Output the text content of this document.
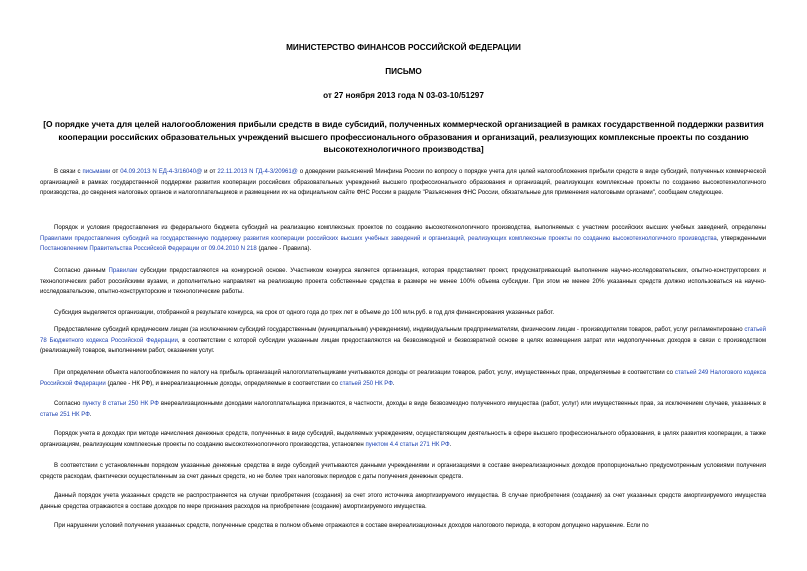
МИНИСТЕРСТВО ФИНАНСОВ РОССИЙСКОЙ ФЕДЕРАЦИИ
ПИСЬМО
от 27 ноября 2013 года N 03-03-10/51297
[О порядке учета для целей налогообложения прибыли средств в виде субсидий, полученных коммерческой организацией в рамках государственной поддержки развития кооперации российских образовательных учреждений высшего профессионального образования и организаций, реализующих комплексные проекты по созданию высокотехнологичного производства]

В связи с письмами от 04.09.2013 N ЕД-4-3/16040@ и от 22.11.2013 N ГД-4-3/20961@ о доведении разъяснений Минфина России по вопросу о порядке учета для целей налогообложения прибыли средств в виде субсидий, полученных коммерческой организацией в рамках государственной поддержки развития кооперации российских образовательных учреждений высшего профессионального образования и организаций, реализующих комплексные проекты по созданию высокотехнологичного производства, до сведения налоговых органов и налогоплательщиков и размещении их на официальном сайте ФНС России в разделе "Разъяснения ФНС России, обязательные для применения налоговыми органами", сообщаем следующее.

Порядок и условия предоставления из федерального бюджета субсидий на реализацию комплексных проектов по созданию высокотехнологичного производства, выполняемых с участием российских высших учебных заведений, определены Правилами предоставления субсидий на государственную поддержку развития кооперации российских высших учебных заведений и организаций, реализующих комплексные проекты по созданию высокотехнологичного производства, утвержденными Постановлением Правительства Российской Федерации от 09.04.2010 N 218 (далее - Правила).

Согласно данным Правилам субсидии предоставляются на конкурсной основе. Участником конкурса является организация, которая представляет проект, предусматривающий выполнение научно-исследовательских, опытно-конструкторских и технологических работ российскими вузами, и дополнительно направляет на реализацию проекта собственные средства в размере не менее 100% объема субсидии. При этом не менее 20% указанных средств должно использоваться на научно-исследовательские, опытно-конструкторские и технологические работы.

Субсидия выделяется организации, отобранной в результате конкурса, на срок от одного года до трех лет в объеме до 100 млн.руб. в год для финансирования указанных работ.

Предоставление субсидий юридическим лицам (за исключением субсидий государственным (муниципальным) учреждениям), индивидуальным предпринимателям, физическим лицам - производителям товаров, работ, услуг регламентировано статьей 78 Бюджетного кодекса Российской Федерации, в соответствии с которой субсидии указанным лицам предоставляются на безвозмездной и безвозвратной основе в целях возмещения затрат или недополученных доходов в связи с производством (реализацией) товаров, выполнением работ, оказанием услуг.

При определении объекта налогообложения по налогу на прибыль организаций налогоплательщиками учитываются доходы от реализации товаров, работ, услуг, имущественных прав, определяемые в соответствии со статьей 249 Налогового кодекса Российской Федерации (далее - НК РФ), и внереализационные доходы, определяемые в соответствии со статьей 250 НК РФ.

Согласно пункту 8 статьи 250 НК РФ внереализационными доходами налогоплательщика признаются, в частности, доходы в виде безвозмездно полученного имущества (работ, услуг) или имущественных прав, за исключением случаев, указанных в статье 251 НК РФ.

Порядок учета в доходах при методе начисления денежных средств, полученных в виде субсидий, выделяемых учреждениям, осуществляющим деятельность в сфере высшего профессионального образования, в целях развития кооперации, а также организациям, реализующим комплексные проекты по созданию высокотехнологичного производства, установлен пунктом 4.4 статьи 271 НК РФ.

В соответствии с установленным порядком указанные денежные средства в виде субсидий учитываются данными учреждениями и организациями в составе внереализационных доходов пропорционально предусмотренным условиями получения средств расходам, фактически осуществленным за счет данных средств, но не более трех налоговых периодов с даты получения денежных средств.

Данный порядок учета указанных средств не распространяется на случаи приобретения (создания) за счет этого источника амортизируемого имущества. В случае приобретения (создания) за счет указанных средств амортизируемого имущества данные средства отражаются в составе доходов по мере признания расходов на приобретение (создание) амортизируемого имущества.

При нарушении условий получения указанных средств, полученные средства в полном объеме отражаются в составе внереализационных доходов налогового периода, в котором допущено нарушение. Если по
